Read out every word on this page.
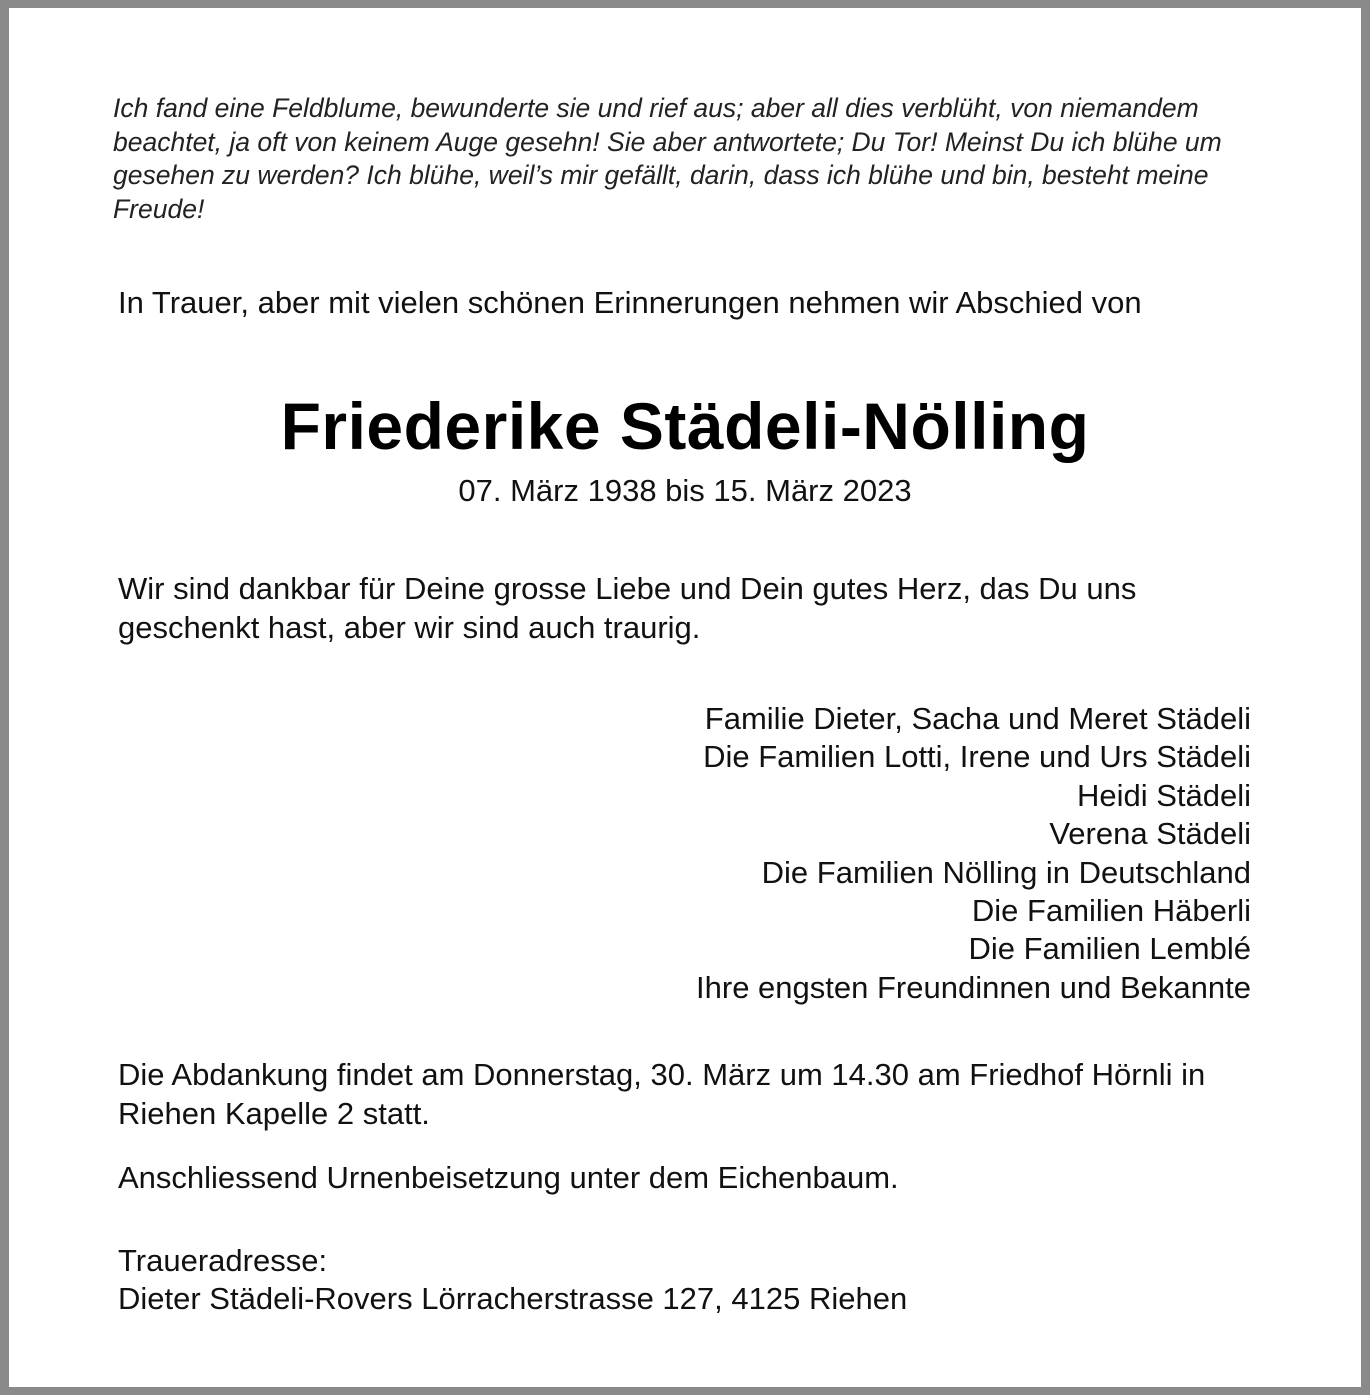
Ich fand eine Feldblume, bewunderte sie und rief aus; aber all dies verblüht, von niemandem beachtet, ja oft von keinem Auge gesehn! Sie aber antwortete; Du Tor! Meinst Du ich blühe um gesehen zu werden? Ich blühe, weil’s mir gefällt, darin, dass ich blühe und bin, besteht meine Freude!

In Trauer, aber mit vielen schönen Erinnerungen nehmen wir Abschied von

Friederike Städeli-Nölling

07. März 1938 bis 15. März 2023

Wir sind dankbar für Deine grosse Liebe und Dein gutes Herz, das Du uns geschenkt hast, aber wir sind auch traurig.

Familie Dieter, Sacha und Meret Städeli
Die Familien Lotti, Irene und Urs Städeli
Heidi Städeli
Verena Städeli
Die Familien Nölling in Deutschland
Die Familien Häberli
Die Familien Lemblé
Ihre engsten Freundinnen und Bekannte

Die Abdankung findet am Donnerstag, 30. März um 14.30 am Friedhof Hörnli in Riehen Kapelle 2 statt.

Anschliessend Urnenbeisetzung unter dem Eichenbaum.

Traueradresse:

Dieter Städeli-Rovers Lörracherstrasse 127, 4125 Riehen
